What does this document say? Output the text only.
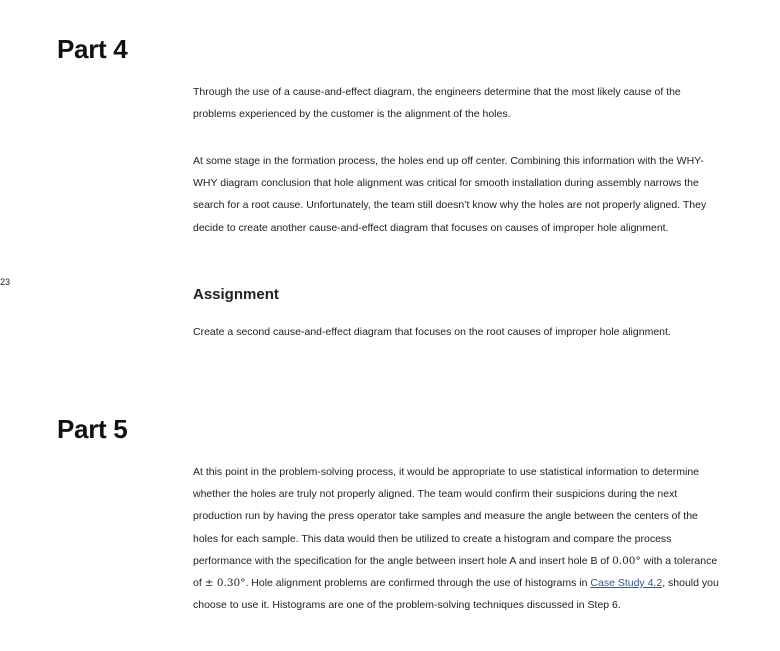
23
Part 4

Through the use of a cause-and-effect diagram, the engineers determine that the most likely cause of the problems experienced by the customer is the alignment of the holes.

At some stage in the formation process, the holes end up off center. Combining this information with the WHY-WHY diagram conclusion that hole alignment was critical for smooth installation during assembly narrows the search for a root cause. Unfortunately, the team still doesn’t know why the holes are not properly aligned. They decide to create another cause-and-effect diagram that focuses on causes of improper hole alignment.

Assignment

Create a second cause-and-effect diagram that focuses on the root causes of improper hole alignment.

Part 5

At this point in the problem-solving process, it would be appropriate to use statistical information to determine whether the holes are truly not properly aligned. The team would confirm their suspicions during the next production run by having the press operator take samples and measure the angle between the centers of the holes for each sample. This data would then be utilized to create a histogram and compare the process performance with the specification for the angle between insert hole A and insert hole B of 0.00° with a tolerance of ± 0.30°. Hole alignment problems are confirmed through the use of histograms in Case Study 4.2, should you choose to use it. Histograms are one of the problem-solving techniques discussed in Step 6.
